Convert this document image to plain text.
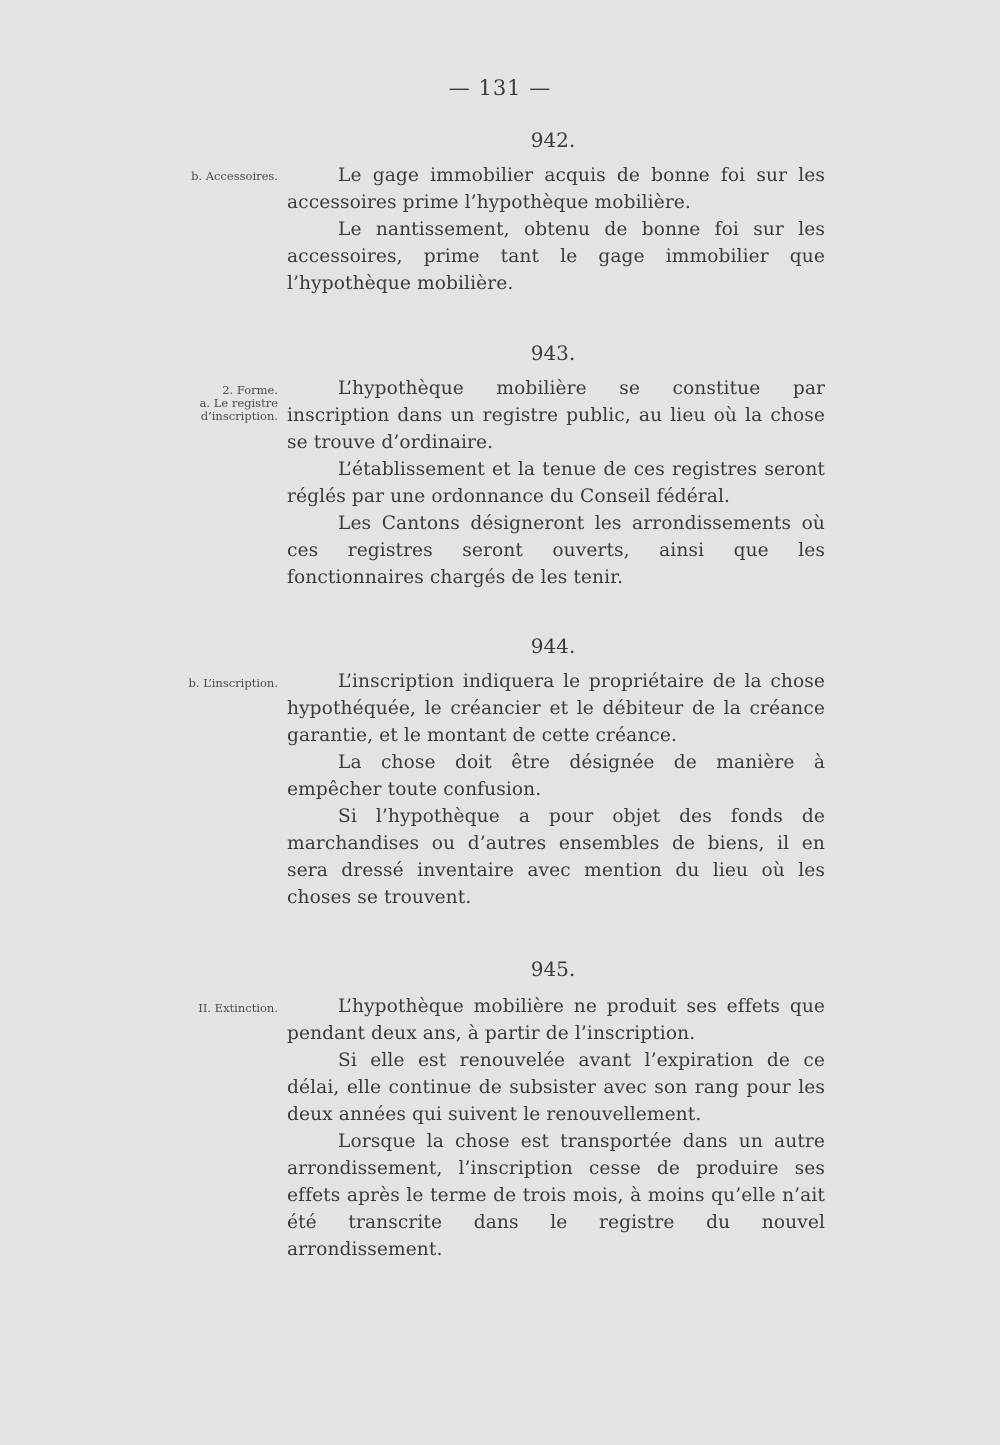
— 131 —
942.
b. Accessoires.	Le gage immobilier acquis de bonne foi sur les accessoires prime l’hypothèque mobilière.

Le nantissement, obtenu de bonne foi sur les accessoires, prime tant le gage immobilier que l’hypothèque mobilière.

943.
2. Forme.
a. Le registre
d’inscription.

L’hypothèque mobilière se constitue par inscription dans un registre public, au lieu où la chose se trouve d’ordinaire.

L’établissement et la tenue de ces registres seront réglés par une ordonnance du Conseil fédéral.

Les Cantons désigneront les arrondissements où ces registres seront ouverts, ainsi que les fonctionnaires chargés de les tenir.

944.
b. L’inscription.	L’inscription indiquera le propriétaire de la chose hypothéquée, le créancier et le débiteur de la créance garantie, et le montant de cette créance.

La chose doit être désignée de manière à empêcher toute confusion.

Si l’hypothèque a pour objet des fonds de marchandises ou d’autres ensembles de biens, il en sera dressé inventaire avec mention du lieu où les choses se trouvent.

945.
II. Extinction.	L’hypothèque mobilière ne produit ses effets que pendant deux ans, à partir de l’inscription.

Si elle est renouvelée avant l’expiration de ce délai, elle continue de subsister avec son rang pour les deux années qui suivent le renouvellement.

Lorsque la chose est transportée dans un autre arrondissement, l’inscription cesse de produire ses effets après le terme de trois mois, à moins qu’elle n’ait été transcrite dans le registre du nouvel arrondissement.
